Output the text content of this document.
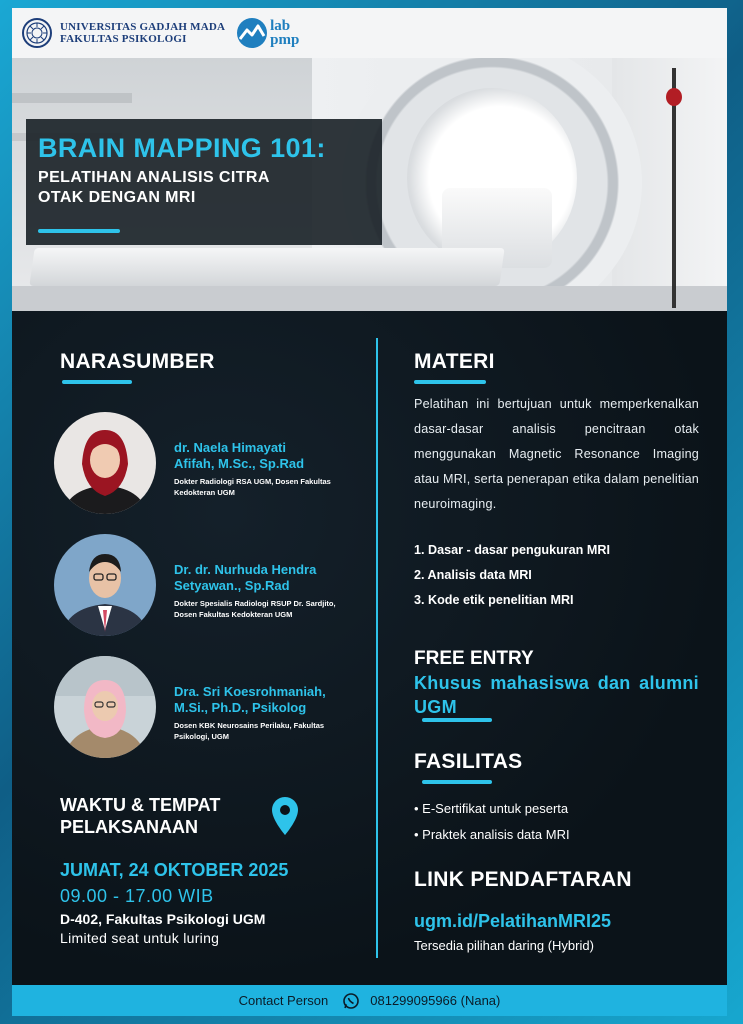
UNIVERSITAS GADJAH MADA
FAKULTAS PSIKOLOGI
lab
pmp
BRAIN MAPPING 101:
PELATIHAN ANALISIS CITRA
OTAK DENGAN MRI
NARASUMBER
dr. Naela Himayati
Afifah, M.Sc., Sp.Rad
Dokter Radiologi RSA UGM, Dosen Fakultas Kedokteran UGM
Dr. dr. Nurhuda Hendra
Setyawan., Sp.Rad
Dokter Spesialis Radiologi RSUP Dr. Sardjito, Dosen Fakultas Kedokteran UGM
Dra. Sri Koesrohmaniah,
M.Si., Ph.D., Psikolog
Dosen KBK Neurosains Perilaku, Fakultas Psikologi, UGM
WAKTU & TEMPAT
PELAKSANAAN
JUMAT, 24 OKTOBER 2025
09.00 - 17.00 WIB
D-402, Fakultas Psikologi UGM
Limited seat untuk luring
MATERI
Pelatihan ini bertujuan untuk memperkenalkan dasar-dasar analisis pencitraan otak menggunakan Magnetic Resonance Imaging atau MRI, serta penerapan etika dalam penelitian neuroimaging.
1. Dasar - dasar pengukuran MRI
2. Analisis data MRI
3. Kode etik penelitian MRI
FREE ENTRY
Khusus mahasiswa dan alumni UGM
FASILITAS
• E-Sertifikat untuk peserta
• Praktek analisis data MRI
LINK PENDAFTARAN
ugm.id/PelatihanMRI25
Tersedia pilihan daring (Hybrid)
Contact Person	081299095966 (Nana)
